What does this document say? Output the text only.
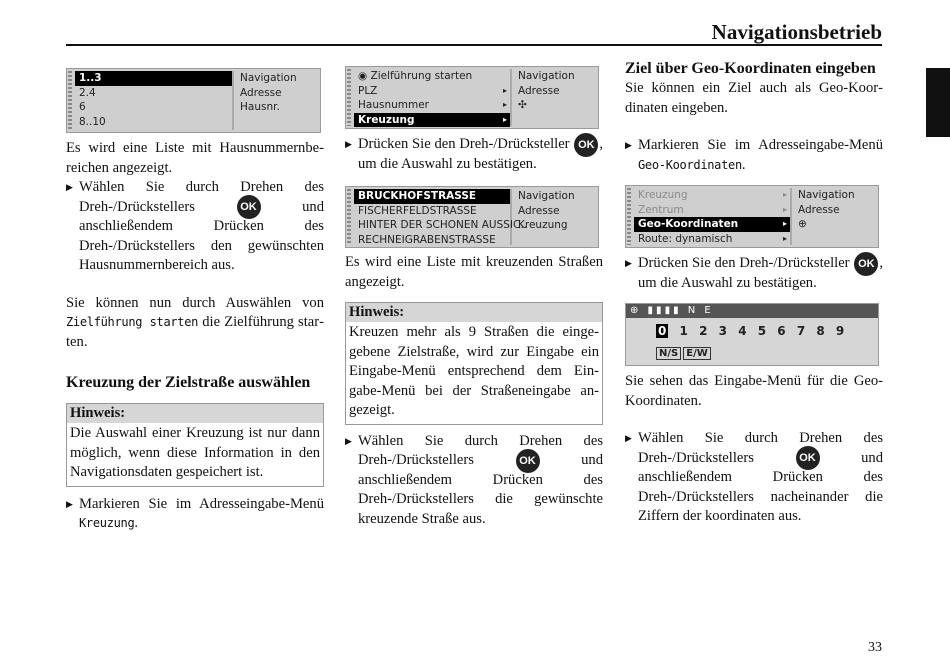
Navigationsbetrieb
1..3
2.4
6
8..10
Navigation
Adresse
Hausnr.

Es wird eine Liste mit Hausnummernbereichen angezeigt.

▶ Wählen Sie durch Drehen des Dreh-/Drückstellers	OK	und anschließendem Drücken des Dreh-/Drückstellers den gewünschten Hausnummernbereich aus.

Sie können nun durch Auswählen von Zielführung starten die Zielführung starten.

Kreuzung der Zielstraße auswählen
Hinweis:
Die Auswahl einer Kreuzung ist nur dann möglich, wenn diese Information in den Navigationsdaten gespeichert ist.

▶ Markieren Sie im Adresseingabe-Menü Kreuzung.

◉ Zielführung starten
PLZ	▸
Hausnummer	▸
Kreuzung	▸
Navigation
Adresse
✣

▶ Drücken Sie den Dreh-/Drücksteller OK , um die Auswahl zu bestätigen.

BRUCKHOFSTRASSE
FISCHERFELDSTRASSE
HINTER DER SCHONEN AUSSIC..
RECHNEIGRABENSTRASSE
Navigation
Adresse
Kreuzung

Es wird eine Liste mit kreuzenden Straßen angezeigt.

Hinweis:
Kreuzen mehr als 9 Straßen die eingegebene Zielstraße, wird zur Eingabe ein Eingabe-Menü entsprechend dem Eingabe-Menü bei der Straßeneingabe angezeigt.

▶ Wählen Sie durch Drehen des Dreh-/Drückstellers	OK	und anschließendem Drücken des Dreh-/Drückstellers die gewünschte kreuzende Straße aus.

Ziel über Geo-Koordinaten eingeben

Sie können ein Ziel auch als Geo-Koordinaten eingeben.

▶ Markieren Sie im Adresseingabe-Menü Geo-Koordinaten.

Kreuzung	▸
Zentrum	▸
Geo-Koordinaten	▸
Route: dynamisch	▸
Navigation
Adresse
⊕

▶ Drücken Sie den Dreh-/Drücksteller OK , um die Auswahl zu bestätigen.

⊕ ▮▮▮▮ N E
0 1 2 3 4 5 6 7 8 9
N/S E/W

Sie sehen das Eingabe-Menü für die Geo-Koordinaten.

▶ Wählen Sie durch Drehen des Dreh-/Drückstellers	OK	und anschließendem Drücken des Dreh-/Drückstellers nacheinander die Ziffern der koordinaten aus.

33
